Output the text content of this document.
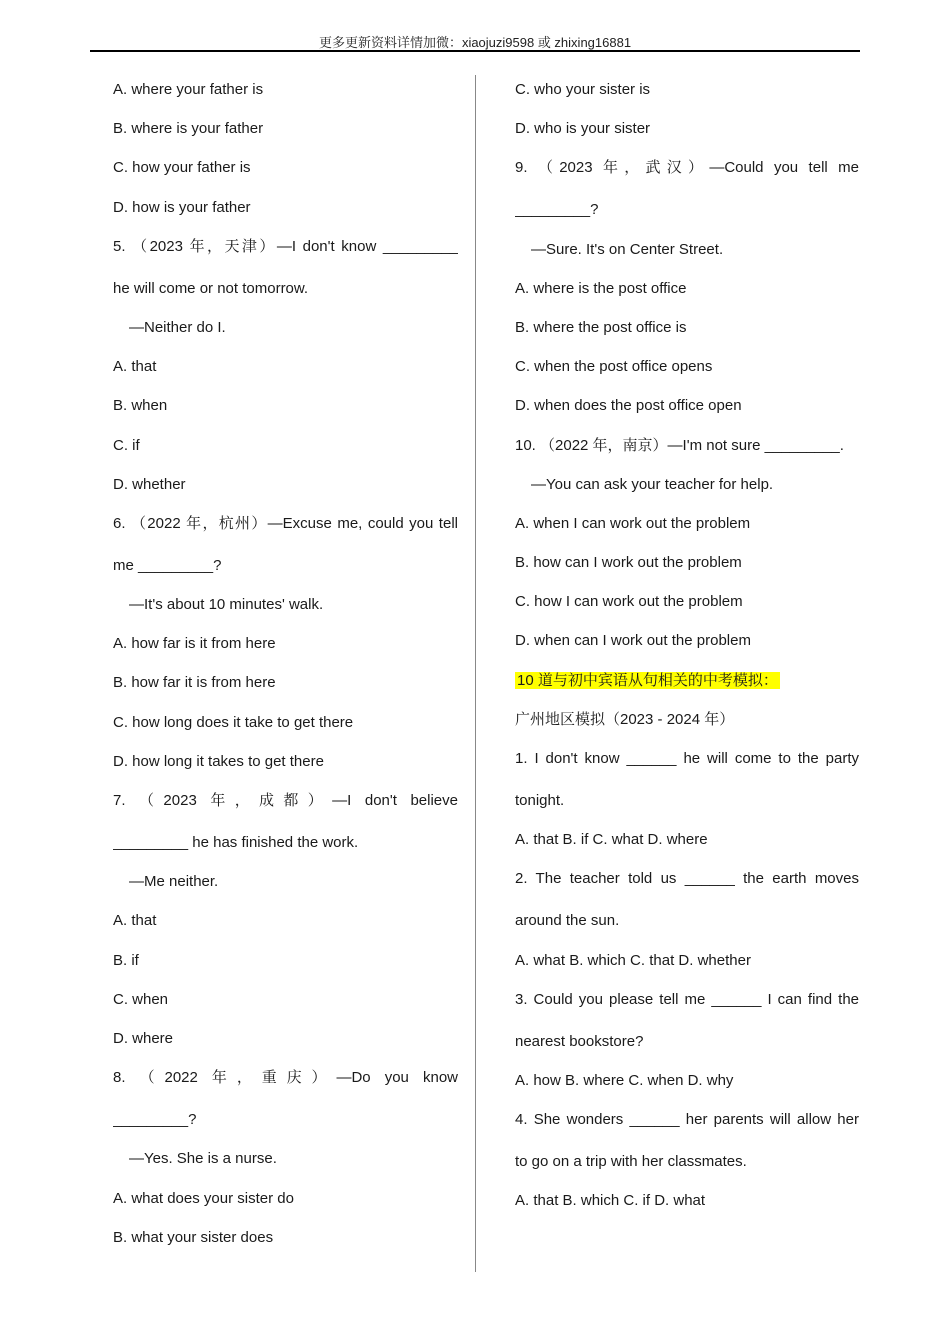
更多更新资料详情加微：xiaojuzi9598 或 zhixing16881
A. where your father is
B. where is your father
C. how your father is
D. how is your father
5. （2023 年，天津）—I don't know _________
he will come or not tomorrow.
—Neither do I.
A. that
B. when
C. if
D. whether
6. （2022 年，杭州）—Excuse me, could you tell
me _________?
—It's about 10 minutes' walk.
A. how far is it from here
B. how far it is from here
C. how long does it take to get there
D. how long it takes to get there
7. （2023 年，成都）—I don't believe
_________ he has finished the work.
—Me neither.
A. that
B. if
C. when
D. where
8. （2022 年，重庆）—Do you know
_________?
—Yes. She is a nurse.
A. what does your sister do
B. what your sister does
C. who your sister is
D. who is your sister
9. （2023 年，武汉）—Could you tell me
_________?
—Sure. It's on Center Street.
A. where is the post office
B. where the post office is
C. when the post office opens
D. when does the post office open
10. （2022 年，南京）—I'm not sure _________.
—You can ask your teacher for help.
A. when I can work out the problem
B. how can I work out the problem
C. how I can work out the problem
D. when can I work out the problem
10 道与初中宾语从句相关的中考模拟：
广州地区模拟（2023 - 2024 年）
1. I don't know ______ he will come to the party
tonight.
A. that B. if C. what D. where
2. The teacher told us ______ the earth moves
around the sun.
A. what B. which C. that D. whether
3. Could you please tell me ______ I can find the
nearest bookstore?
A. how B. where C. when D. why
4. She wonders ______ her parents will allow her
to go on a trip with her classmates.
A. that B. which C. if D. what
